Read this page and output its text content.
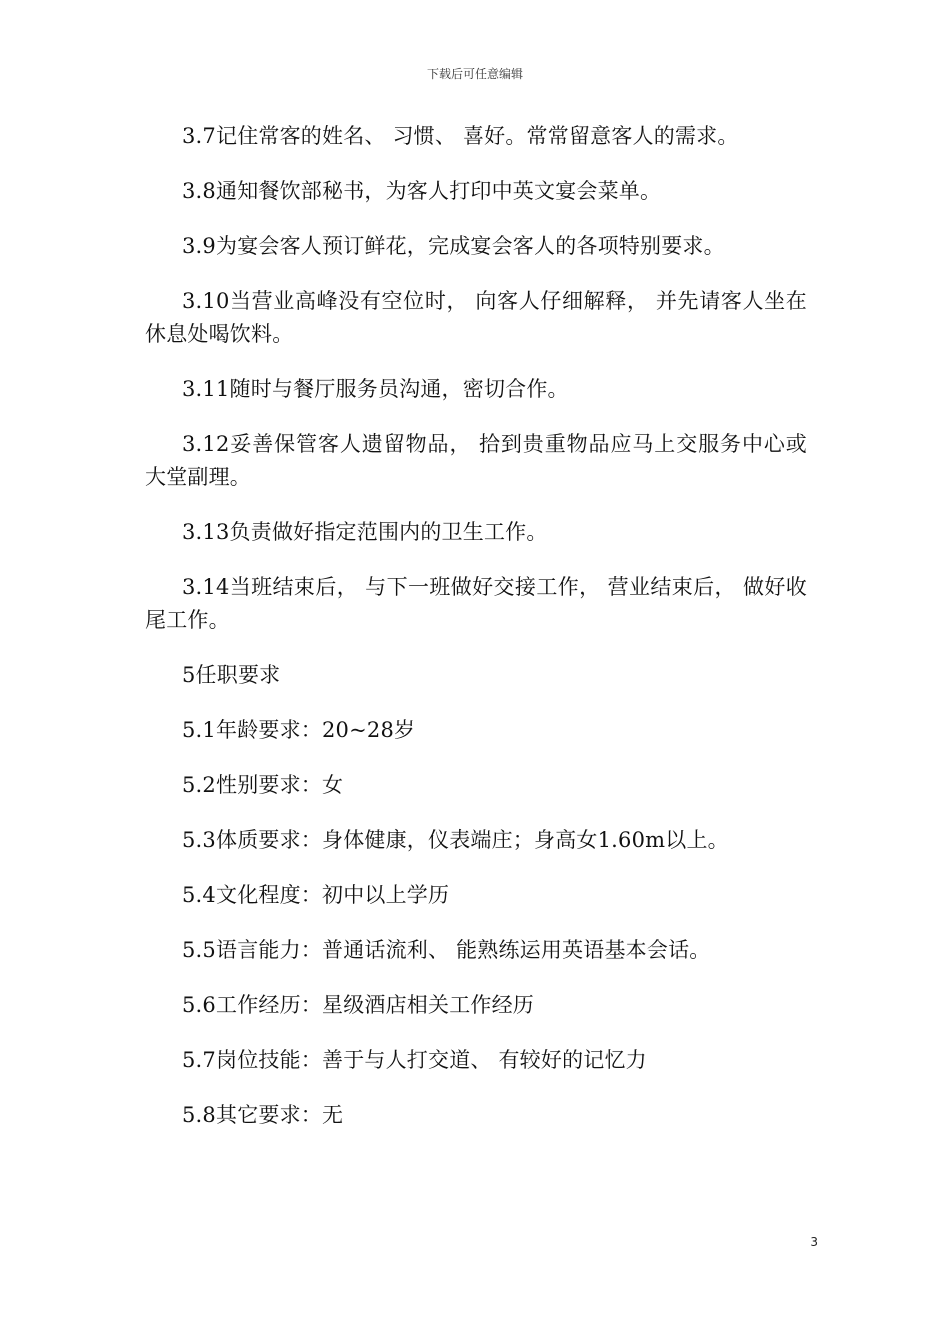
下载后可任意编辑

3.7记住常客的姓名、 习惯、 喜好。常常留意客人的需求。

3.8通知餐饮部秘书，为客人打印中英文宴会菜单。

3.9为宴会客人预订鲜花，完成宴会客人的各项特别要求。

3.10当营业高峰没有空位时， 向客人仔细解释， 并先请客人坐在休息处喝饮料。

3.11随时与餐厅服务员沟通，密切合作。

3.12妥善保管客人遗留物品， 拾到贵重物品应马上交服务中心或大堂副理。

3.13负责做好指定范围内的卫生工作。

3.14当班结束后， 与下一班做好交接工作， 营业结束后， 做好收尾工作。

5任职要求

5.1年龄要求：20~28岁

5.2性别要求：女

5.3体质要求：身体健康，仪表端庄；身高女1.60m以上。

5.4文化程度：初中以上学历

5.5语言能力：普通话流利、 能熟练运用英语基本会话。

5.6工作经历：星级酒店相关工作经历

5.7岗位技能：善于与人打交道、 有较好的记忆力

5.8其它要求：无

3
